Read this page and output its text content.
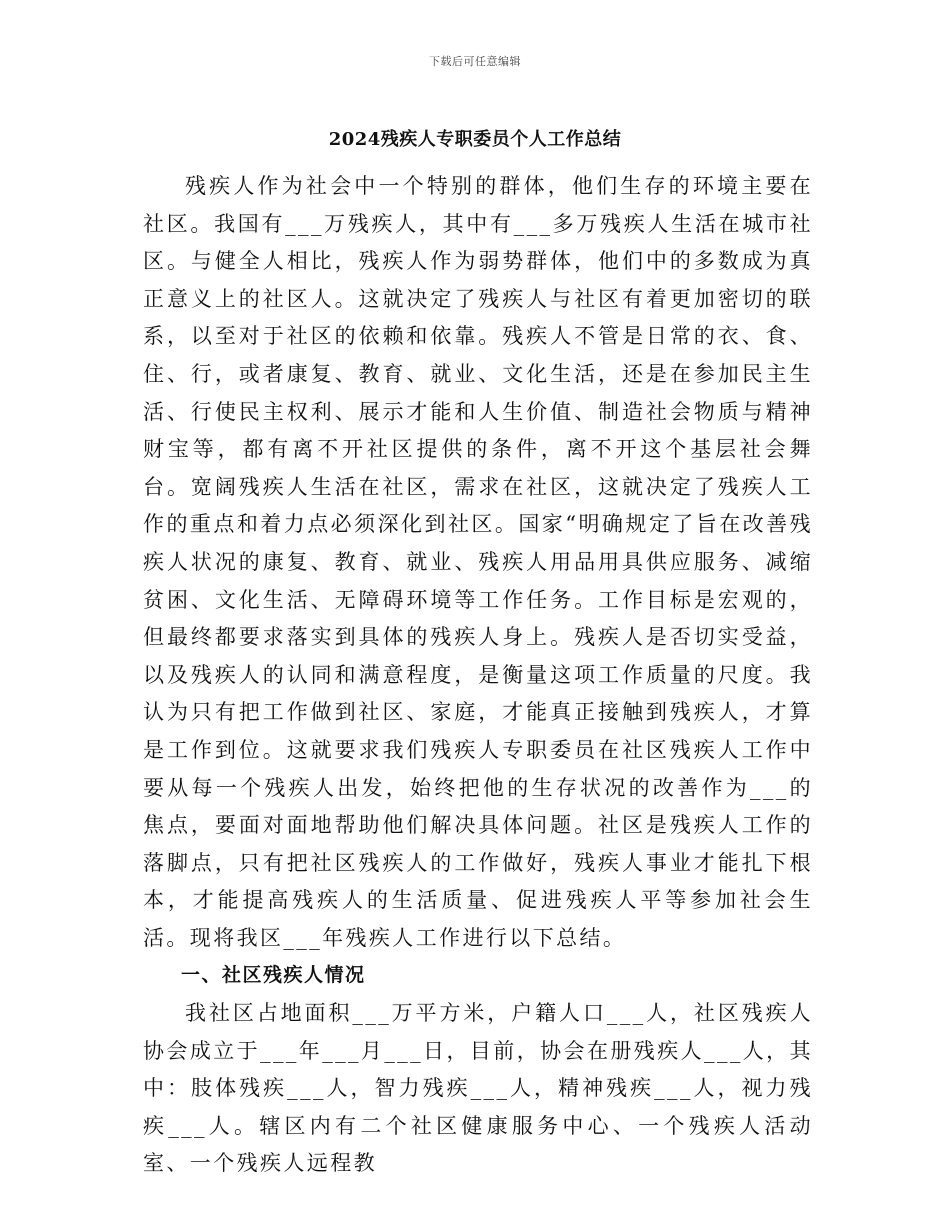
下载后可任意编辑
2024残疾人专职委员个人工作总结

残疾人作为社会中一个特别的群体，他们生存的环境主要在社区。我国有___万残疾人，其中有___多万残疾人生活在城市社区。与健全人相比，残疾人作为弱势群体，他们中的多数成为真正意义上的社区人。这就决定了残疾人与社区有着更加密切的联系，以至对于社区的依赖和依靠。残疾人不管是日常的衣、食、住、行，或者康复、教育、就业、文化生活，还是在参加民主生活、行使民主权利、展示才能和人生价值、制造社会物质与精神财宝等，都有离不开社区提供的条件，离不开这个基层社会舞台。宽阔残疾人生活在社区，需求在社区，这就决定了残疾人工作的重点和着力点必须深化到社区。国家“明确规定了旨在改善残疾人状况的康复、教育、就业、残疾人用品用具供应服务、减缩贫困、文化生活、无障碍环境等工作任务。工作目标是宏观的，但最终都要求落实到具体的残疾人身上。残疾人是否切实受益，以及残疾人的认同和满意程度，是衡量这项工作质量的尺度。我认为只有把工作做到社区、家庭，才能真正接触到残疾人，才算是工作到位。这就要求我们残疾人专职委员在社区残疾人工作中要从每一个残疾人出发，始终把他的生存状况的改善作为___的焦点，要面对面地帮助他们解决具体问题。社区是残疾人工作的落脚点，只有把社区残疾人的工作做好，残疾人事业才能扎下根本，才能提高残疾人的生活质量、促进残疾人平等参加社会生活。现将我区___年残疾人工作进行以下总结。

一、社区残疾人情况

我社区占地面积___万平方米，户籍人口___人，社区残疾人协会成立于___年___月___日，目前，协会在册残疾人___人，其中：肢体残疾___人，智力残疾___人，精神残疾___人，视力残疾___人。辖区内有二个社区健康服务中心、一个残疾人活动室、一个残疾人远程教
